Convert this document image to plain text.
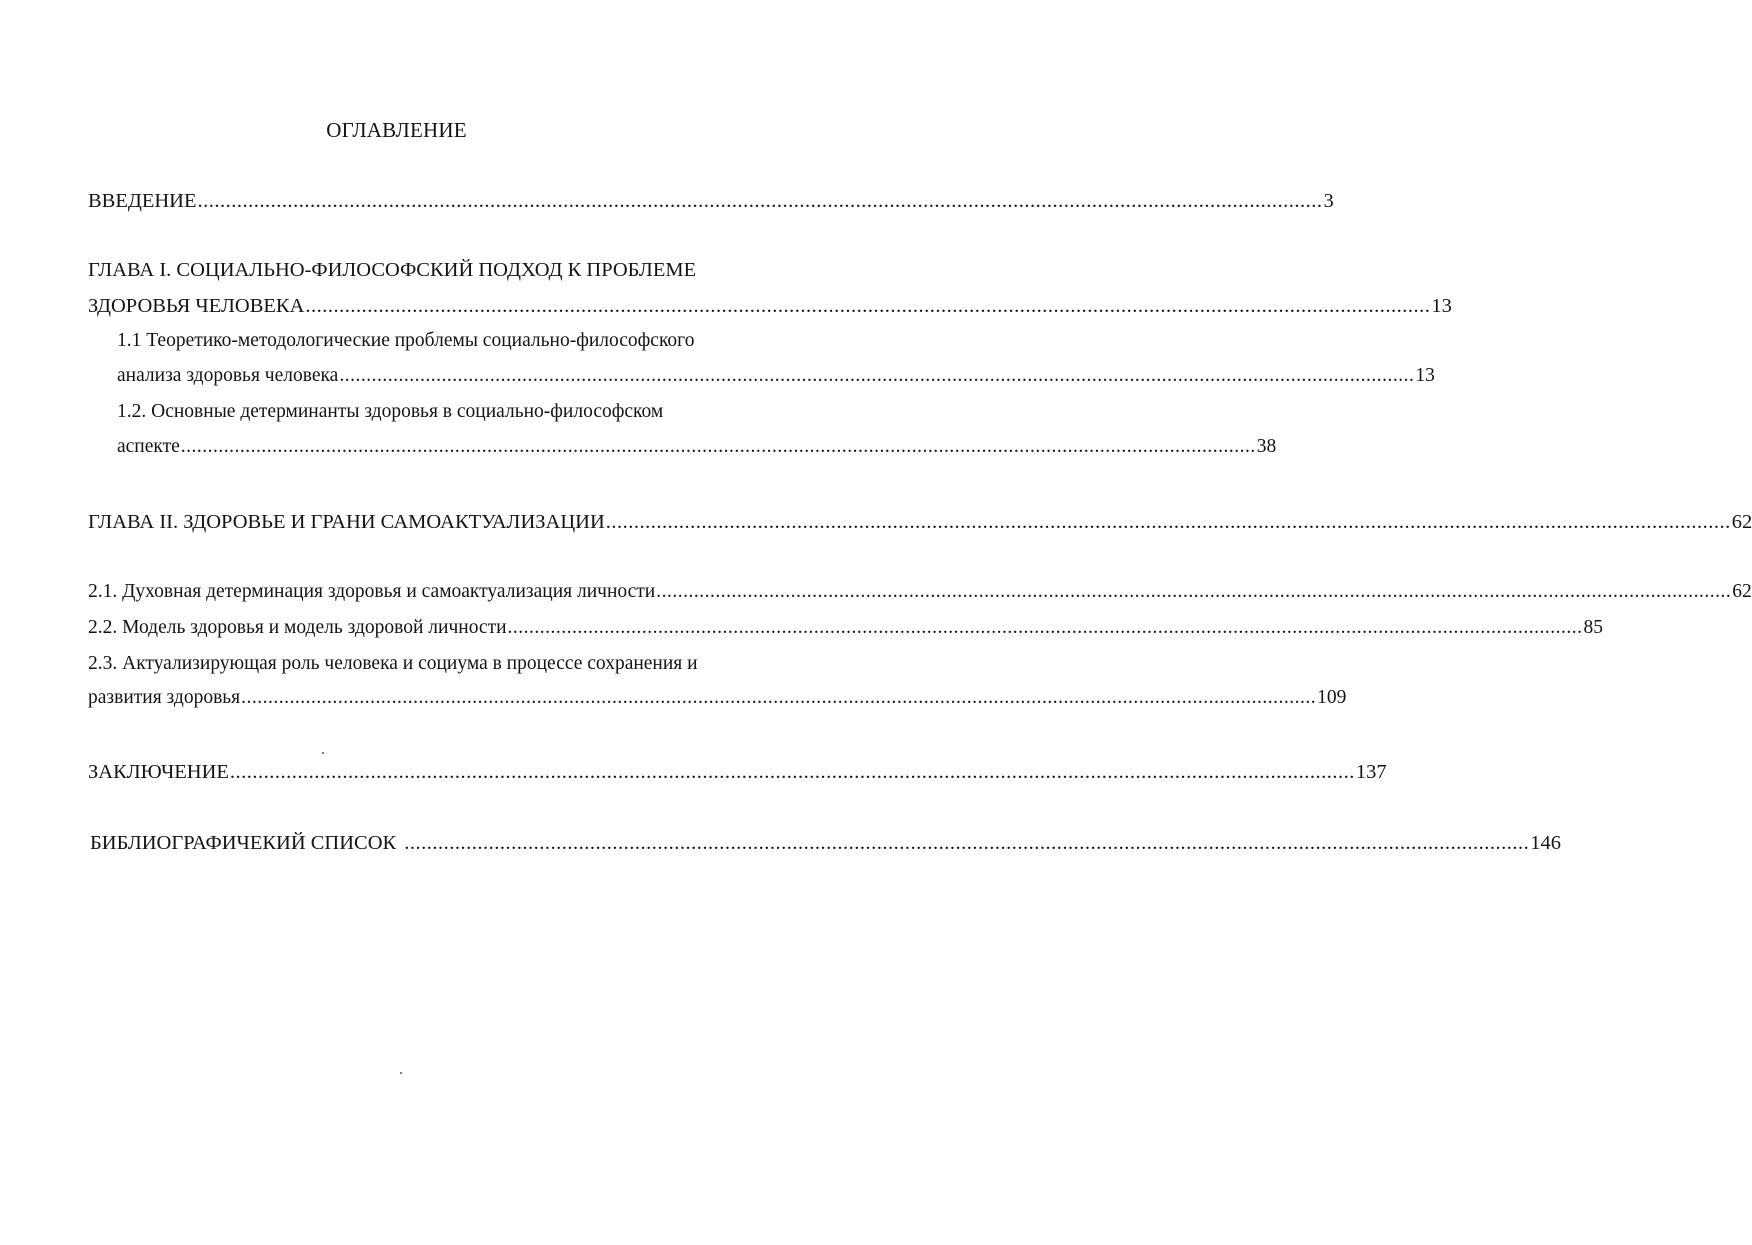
ОГЛАВЛЕНИЕ
ВВЕДЕНИЕ ........................................................................................................................................................................................................ 3
ГЛАВА I. СОЦИАЛЬНО-ФИЛОСОФСКИЙ ПОДХОД К ПРОБЛЕМЕ
ЗДОРОВЬЯ ЧЕЛОВЕКА ........................................................................................................................................................................................................ 13
1.1 Теоретико-методологические проблемы социально-философского
анализа здоровья человека ........................................................................................................................................................................................................ 13
1.2. Основные детерминанты здоровья в социально-философском
аспекте ........................................................................................................................................................................................................ 38
ГЛАВА II. ЗДОРОВЬЕ И ГРАНИ САМОАКТУАЛИЗАЦИИ ........................................................................................................................................................................................................ 62
2.1. Духовная детерминация здоровья и самоактуализация личности ........................................................................................................................................................................................................ 62
2.2. Модель здоровья и модель здоровой личности ........................................................................................................................................................................................................ 85
2.3. Актуализирующая роль человека и социума в процессе сохранения и
развития здоровья ........................................................................................................................................................................................................ 109
ЗАКЛЮЧЕНИЕ ........................................................................................................................................................................................................ 137
БИБЛИОГРАФИЧЕКИЙ СПИСОК ........................................................................................................................................................................................................ 146
